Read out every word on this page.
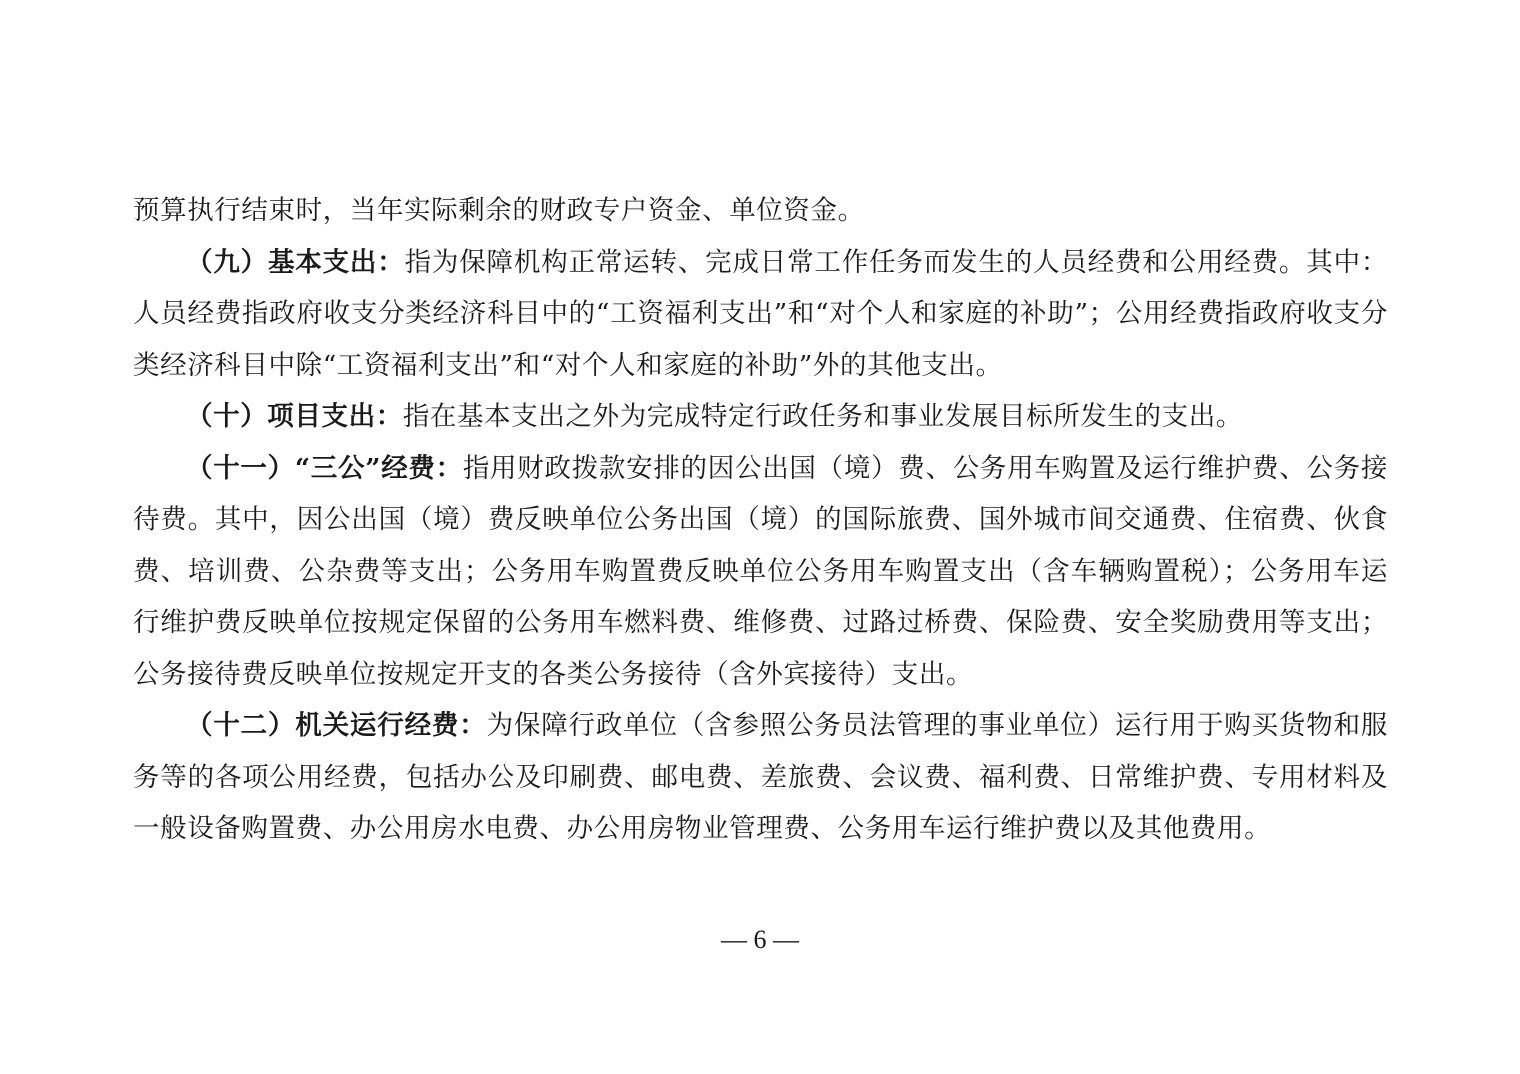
预算执行结束时，当年实际剩余的财政专户资金、单位资金。

（九）基本支出：指为保障机构正常运转、完成日常工作任务而发生的人员经费和公用经费。其中：人员经费指政府收支分类经济科目中的“工资福利支出”和“对个人和家庭的补助”；公用经费指政府收支分类经济科目中除“工资福利支出”和“对个人和家庭的补助”外的其他支出。

（十）项目支出：指在基本支出之外为完成特定行政任务和事业发展目标所发生的支出。

（十一）“三公”经费：指用财政拨款安排的因公出国（境）费、公务用车购置及运行维护费、公务接待费。其中，因公出国（境）费反映单位公务出国（境）的国际旅费、国外城市间交通费、住宿费、伙食费、培训费、公杂费等支出；公务用车购置费反映单位公务用车购置支出（含车辆购置税）；公务用车运行维护费反映单位按规定保留的公务用车燃料费、维修费、过路过桥费、保险费、安全奖励费用等支出；公务接待费反映单位按规定开支的各类公务接待（含外宾接待）支出。

（十二）机关运行经费：为保障行政单位（含参照公务员法管理的事业单位）运行用于购买货物和服务等的各项公用经费，包括办公及印刷费、邮电费、差旅费、会议费、福利费、日常维护费、专用材料及一般设备购置费、办公用房水电费、办公用房物业管理费、公务用车运行维护费以及其他费用。

— 6 —
